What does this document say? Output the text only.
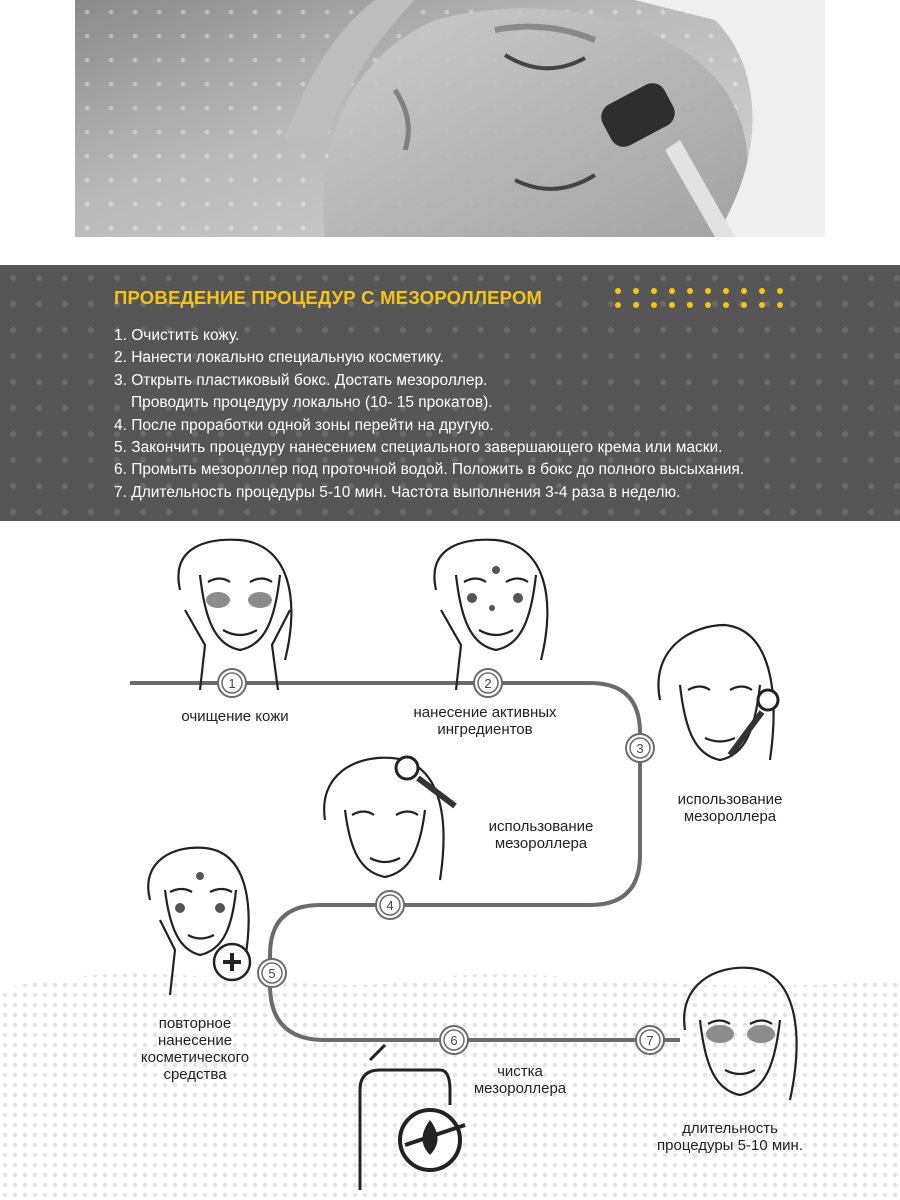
ПРОВЕДЕНИЕ ПРОЦЕДУР С МЕЗОРОЛЛЕРОМ
1. Очистить кожу.
2. Нанести локально специальную косметику.
3. Открыть пластиковый бокс. Достать мезороллер.
Проводить процедуру локально (10- 15 прокатов).
4. После проработки одной зоны перейти на другую.
5. Закончить процедуру нанесением специального завершающего крема или маски.
6. Промыть мезороллер под проточной водой. Положить в бокс до полного высыхания.
7. Длительность процедуры 5-10 мин. Частота выполнения 3-4 раза в неделю.
1	2
3
4
5
6	7
очищение кожи	нанесение активных
ингредиентов
использование
мезороллера
использование
мезороллера
повторное
нанесение
косметического
средства	чистка
мезороллера
длительность
процедуры 5-10 мин.
